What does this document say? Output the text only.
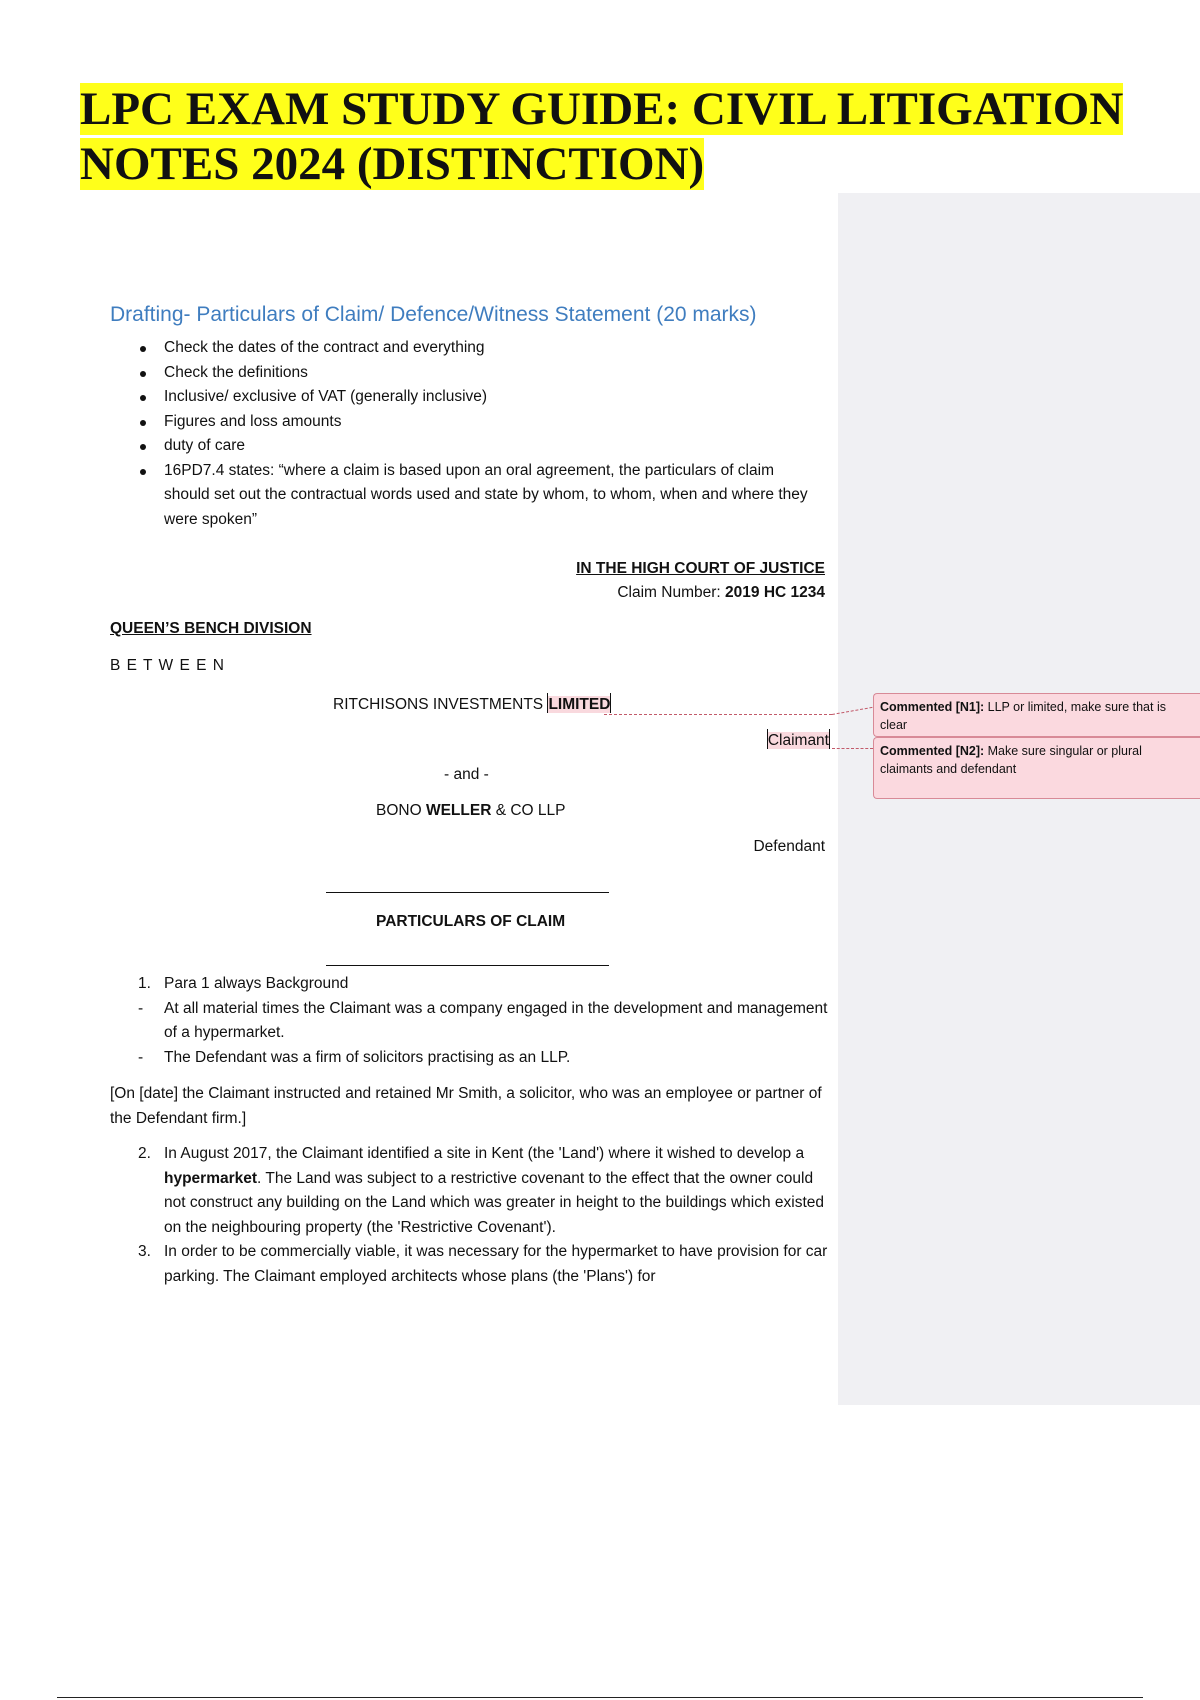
LPC EXAM STUDY GUIDE: CIVIL LITIGATION
NOTES 2024 (DISTINCTION)
Drafting- Particulars of Claim/ Defence/Witness Statement (20 marks)
Check the dates of the contract and everything
Check the definitions
Inclusive/ exclusive of VAT (generally inclusive)
Figures and loss amounts
duty of care
16PD7.4 states: “where a claim is based upon an oral agreement, the particulars of claim should set out the contractual words used and state by whom, to whom, when and where they were spoken”
IN THE HIGH COURT OF JUSTICE
Claim Number: 2019 HC 1234
QUEEN’S BENCH DIVISION
B E T W E E N
RITCHISONS INVESTMENTS LIMITED
Claimant
- and -
BONO WELLER & CO LLP
Defendant
PARTICULARS OF CLAIM
1. Para 1 always Background
- At all material times the Claimant was a company engaged in the development and management of a hypermarket.
- The Defendant was a firm of solicitors practising as an LLP.

[On [date] the Claimant instructed and retained Mr Smith, a solicitor, who was an employee or partner of the Defendant firm.]

2. In August 2017, the Claimant identified a site in Kent (the 'Land') where it wished to develop a hypermarket. The Land was subject to a restrictive covenant to the effect that the owner could not construct any building on the Land which was greater in height to the buildings which existed on the neighbouring property (the 'Restrictive Covenant').
3. In order to be commercially viable, it was necessary for the hypermarket to have provision for car parking. The Claimant employed architects whose plans (the 'Plans') for
Commented [N1]: LLP or limited, make sure that is clear
Commented [N2]: Make sure singular or plural claimants and defendant
